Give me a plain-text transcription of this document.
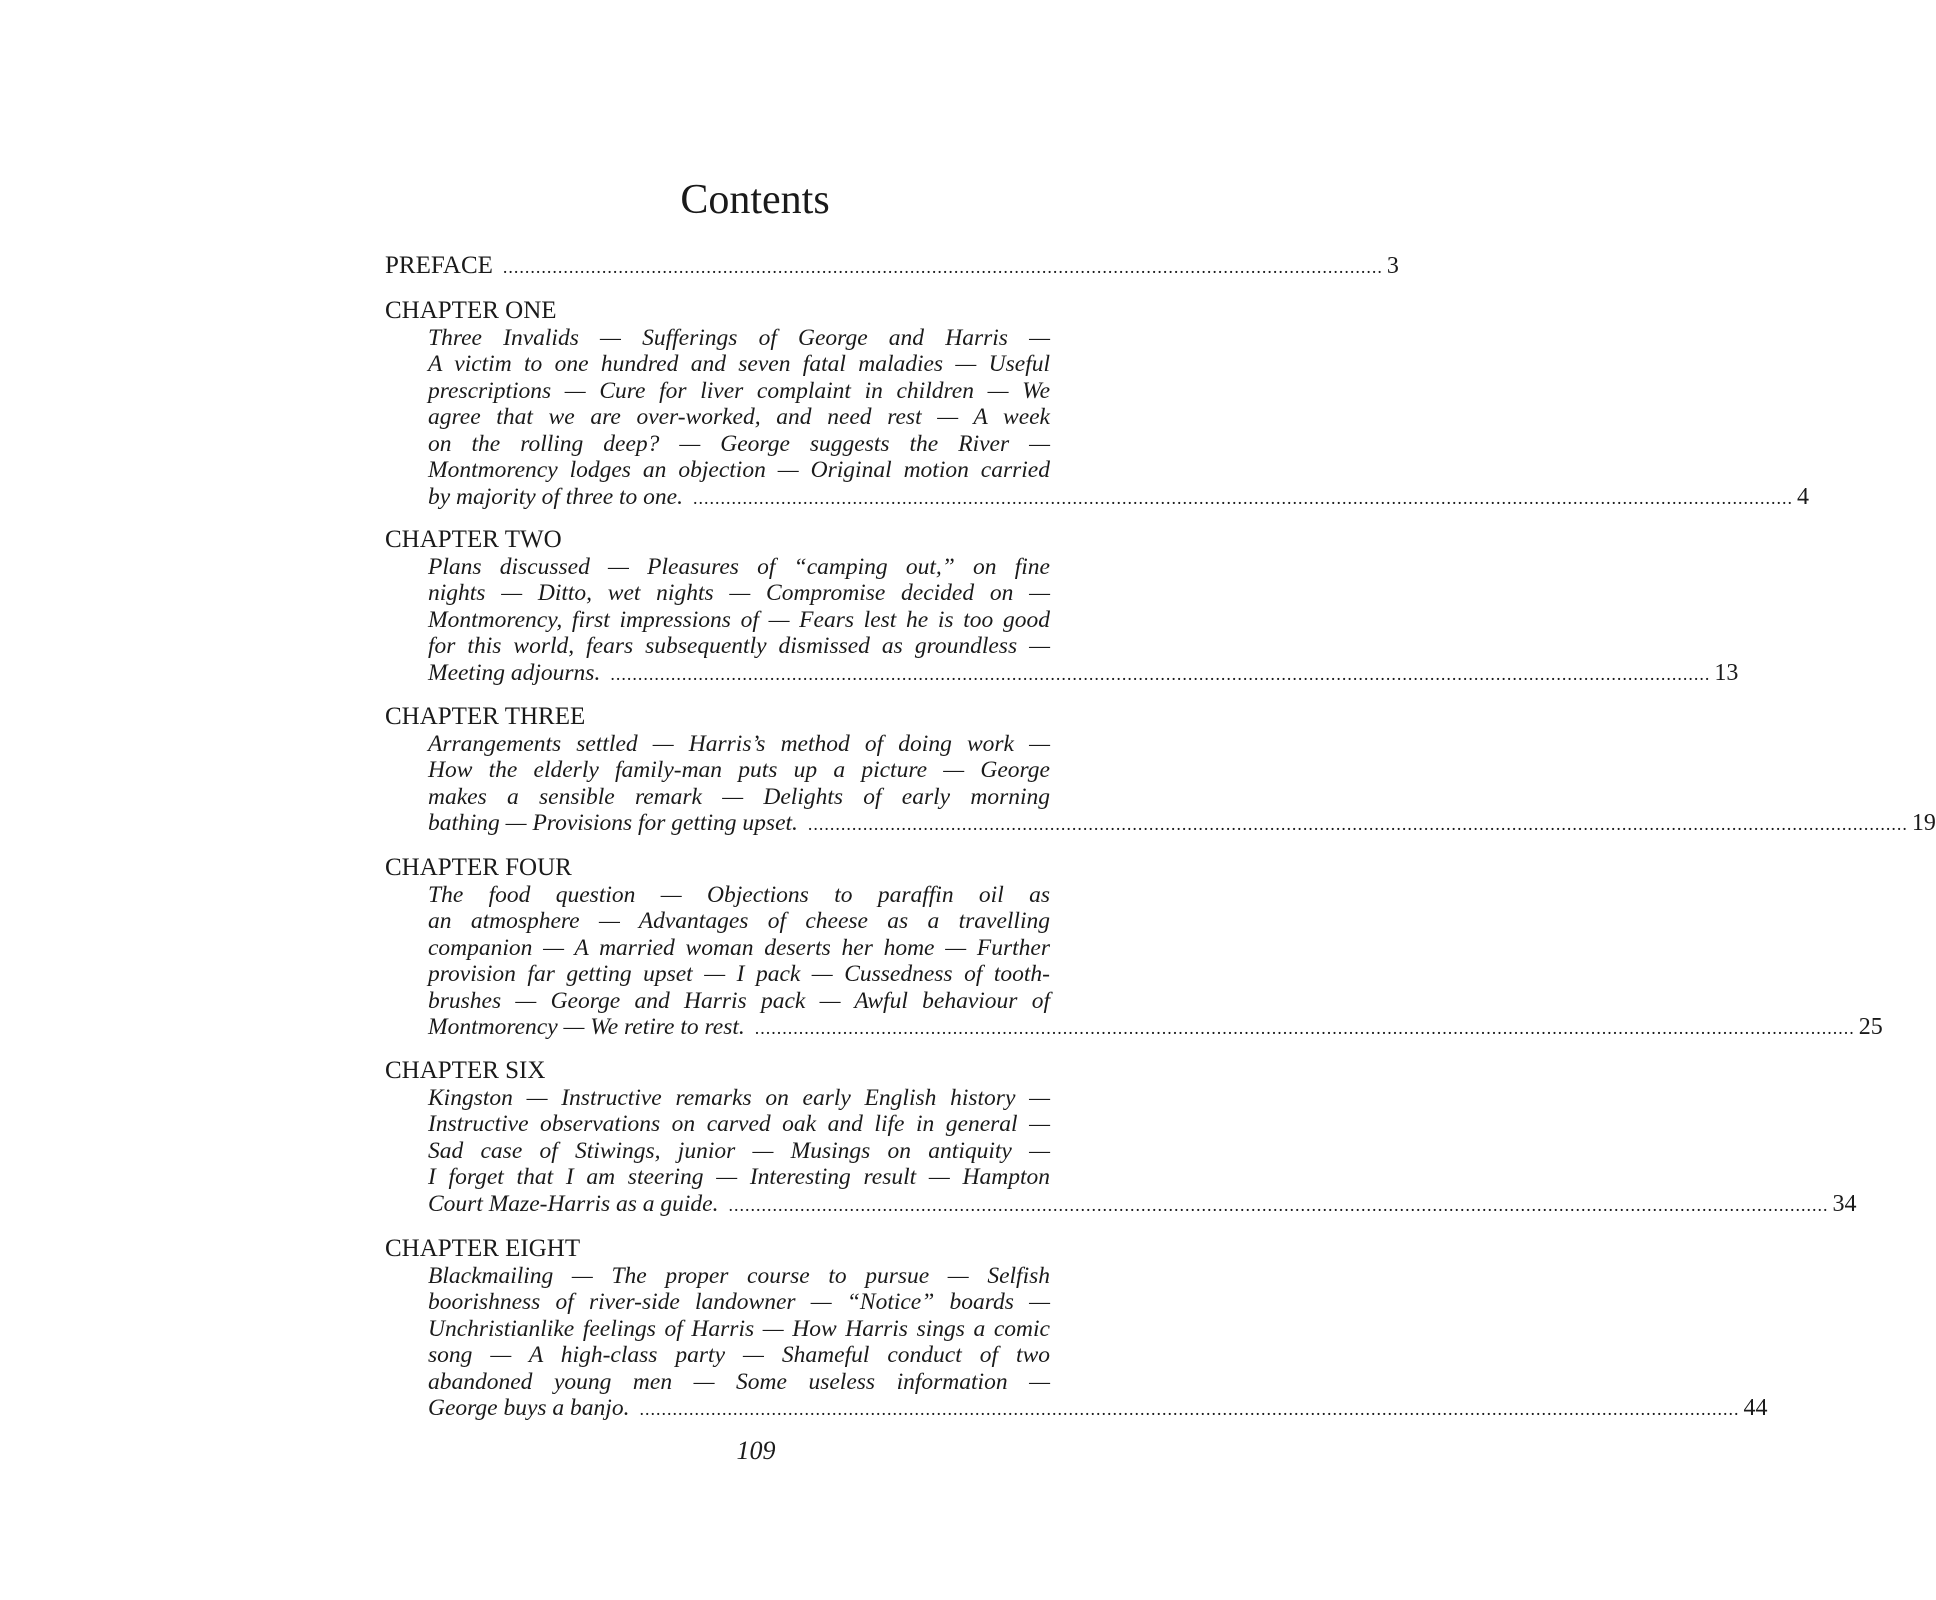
Contents
PREFACE ................................................................................................................................................................ 3
CHAPTER ONE
Three Invalids — Sufferings of George and Harris —
A victim to one hundred and seven fatal maladies — Useful
prescriptions — Cure for liver complaint in children — We
agree that we are over-worked, and need rest — A week
on the rolling deep? — George suggests the River —
Montmorency lodges an objection — Original motion carried
by majority of three to one. ........................................................................................................................................................................................................ 4
CHAPTER TWO
Plans discussed — Pleasures of “camping out,” on fine
nights — Ditto, wet nights — Compromise decided on —
Montmorency, first impressions of — Fears lest he is too good
for this world, fears subsequently dismissed as groundless —
Meeting adjourns. ........................................................................................................................................................................................................ 13
CHAPTER THREE
Arrangements settled — Harris’s method of doing work —
How the elderly family-man puts up a picture — George
makes a sensible remark — Delights of early morning
bathing — Provisions for getting upset. ........................................................................................................................................................................................................ 19
CHAPTER FOUR
The food question — Objections to paraffin oil as
an atmosphere — Advantages of cheese as a travelling
companion — A married woman deserts her home — Further
provision far getting upset — I pack — Cussedness of tooth-
brushes — George and Harris pack — Awful behaviour of
Montmorency — We retire to rest. ........................................................................................................................................................................................................ 25
CHAPTER SIX
Kingston — Instructive remarks on early English history —
Instructive observations on carved oak and life in general —
Sad case of Stiwings, junior — Musings on antiquity —
I forget that I am steering — Interesting result — Hampton
Court Maze-Harris as a guide. ........................................................................................................................................................................................................ 34
CHAPTER EIGHT
Blackmailing — The proper course to pursue — Selfish
boorishness of river-side landowner — “Notice” boards —
Unchristianlike feelings of Harris — How Harris sings a comic
song — A high-class party — Shameful conduct of two
abandoned young men — Some useless information —
George buys a banjo. ........................................................................................................................................................................................................ 44
109
